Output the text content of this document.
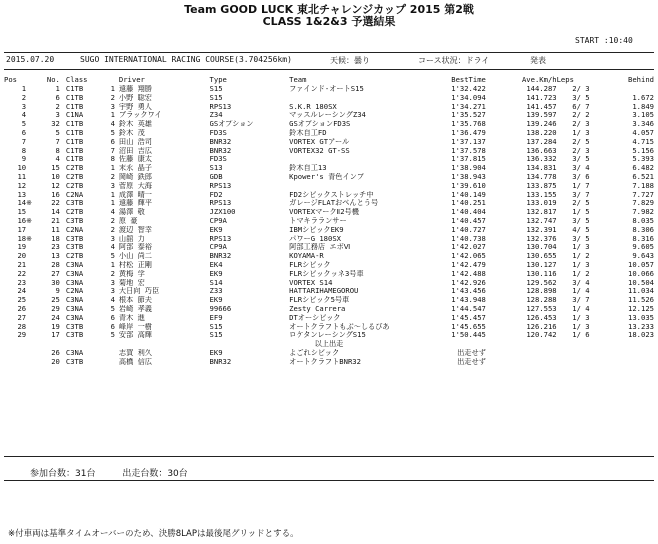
Team GOOD LUCK 東北チャレンジカップ 2015 第2戦
CLASS 1&2&3 予選結果
START :10:40
2015.07.20	SUGO INTERNATIONAL RACING COURSE(3.704256km)	天候：曇り	コース状況：ドライ	発表
Pos		No.	Class		Driver	Type	Team	BestTime	Ave.Km/h	Leps	Behind
1		1	C1TB	1	遠藤 翔勝	S15	ファインド-オートS15	1'32.422	144.287	2/ 3	
2		6	C1TB	2	小野 聡宏	S15		1'34.094	141.723	3/ 5	1.672
3		2	C1TB	3	宇野 勇人	RPS13	S.K.R 180SX	1'34.271	141.457	6/ 7	1.849
4		3	C1NA	1	ブラックワイ	Z34	マッスルレーシングZ34	1'35.527	139.597	2/ 2	3.105
5		32	C1TB	4	鈴木 英雄	GSオプション	GSオプションFD3S	1'35.768	139.246	2/ 3	3.346
6		5	C1TB	5	鈴木 茂	FD3S	鈴木自工FD	1'36.479	138.220	1/ 3	4.057
7		7	C1TB	6	田山 浩司	BNR32	VORTEX GTアール	1'37.137	137.284	2/ 5	4.715
8		8	C1TB	7	沼田 吉広	BNR32	VORTEX32 GT-SS	1'37.578	136.663	2/ 3	5.156
9		4	C1TB	8	佐藤 康太	FD3S		1'37.815	136.332	3/ 5	5.393
10		15	C2TB	1	末永 晶子	S13	鈴木自工13	1'38.904	134.831	3/ 4	6.482
11		10	C2TB	2	岡崎 鉄郎	GDB	Kpower's 青色インプ	1'38.943	134.778	3/ 6	6.521
12		12	C2TB	3	菅原 大海	RPS13		1'39.610	133.875	1/ 7	7.188
13		16	C2NA	1	成澤 晴一	FD2	FD2シビックストレッチ中	1'40.149	133.155	3/ 7	7.727
14	※	22	C3TB	1	遠藤 輝平	RPS13	ガレージFLATおべんとう号	1'40.251	133.019	2/ 5	7.829
15		14	C2TB	4	湯澤 敬	JZX100	VORTEXマークⅡ2号機	1'40.404	132.817	1/ 5	7.982
16	※	21	C3TB	2	原 豪	CP9A	トマキラランサー	1'40.457	132.747	3/ 5	8.035
17		11	C2NA	2	渡辺 智幸	EK9	IBMシビックEK9	1'40.727	132.391	4/ 5	8.306
18	※	18	C3TB	3	山舘 力	RPS13	パワーG 180SX	1'40.738	132.376	3/ 5	8.316
19		23	C3TB	4	阿部 泰裕	CP9A	阿部工務店 エボⅥ	1'42.027	130.704	1/ 3	9.605
20		13	C2TB	5	小山 尚二	BNR32	KOYAMA-R	1'42.065	130.655	1/ 2	9.643
21		28	C3NA	1	村松 正剛	EK4	FLRシビック	1'42.479	130.127	1/ 3	10.057
22		27	C3NA	2	黄梅 学	EK9	FLRシビックッネ3号車	1'42.488	130.116	1/ 2	10.066
23		30	C3NA	3	菊地 宏	S14	VORTEX S14	1'42.926	129.562	3/ 4	10.504
24		9	C2NA	3	大日向 巧臣	Z33	HATTARIHAMEGOROU	1'43.456	128.898	1/ 4	11.034
25		25	C3NA	4	根本 節夫	EK9	FLRシビック5号車	1'43.948	128.288	3/ 7	11.526
26		29	C3NA	5	岩崎 孝義	99666	Zesty Carrera	1'44.547	127.553	1/ 4	12.125
27		24	C3NA	6	青木 進	EF9	DTオーシビック	1'45.457	126.453	1/ 3	13.035
28		19	C3TB	6	峰岸 一樹	S15	オートクラフトもぶ～しるびあ	1'45.655	126.216	1/ 3	13.233
29		17	C3TB	5	安部 高輝	S15	ロケタンレーシングS15	1'50.445	120.742	1/ 6	18.023
以上出走											
		26	C3NA		志賀 利久	EK9	よごれシビック	出走せず			
		20	C3TB		高橋 信広	BNR32	オートクラフトBNR32	出走せず			
参加台数：31台	出走台数：30台
※付車両は基準タイムオーバーのため、決勝8LAPは最後尾グリッドとする。
